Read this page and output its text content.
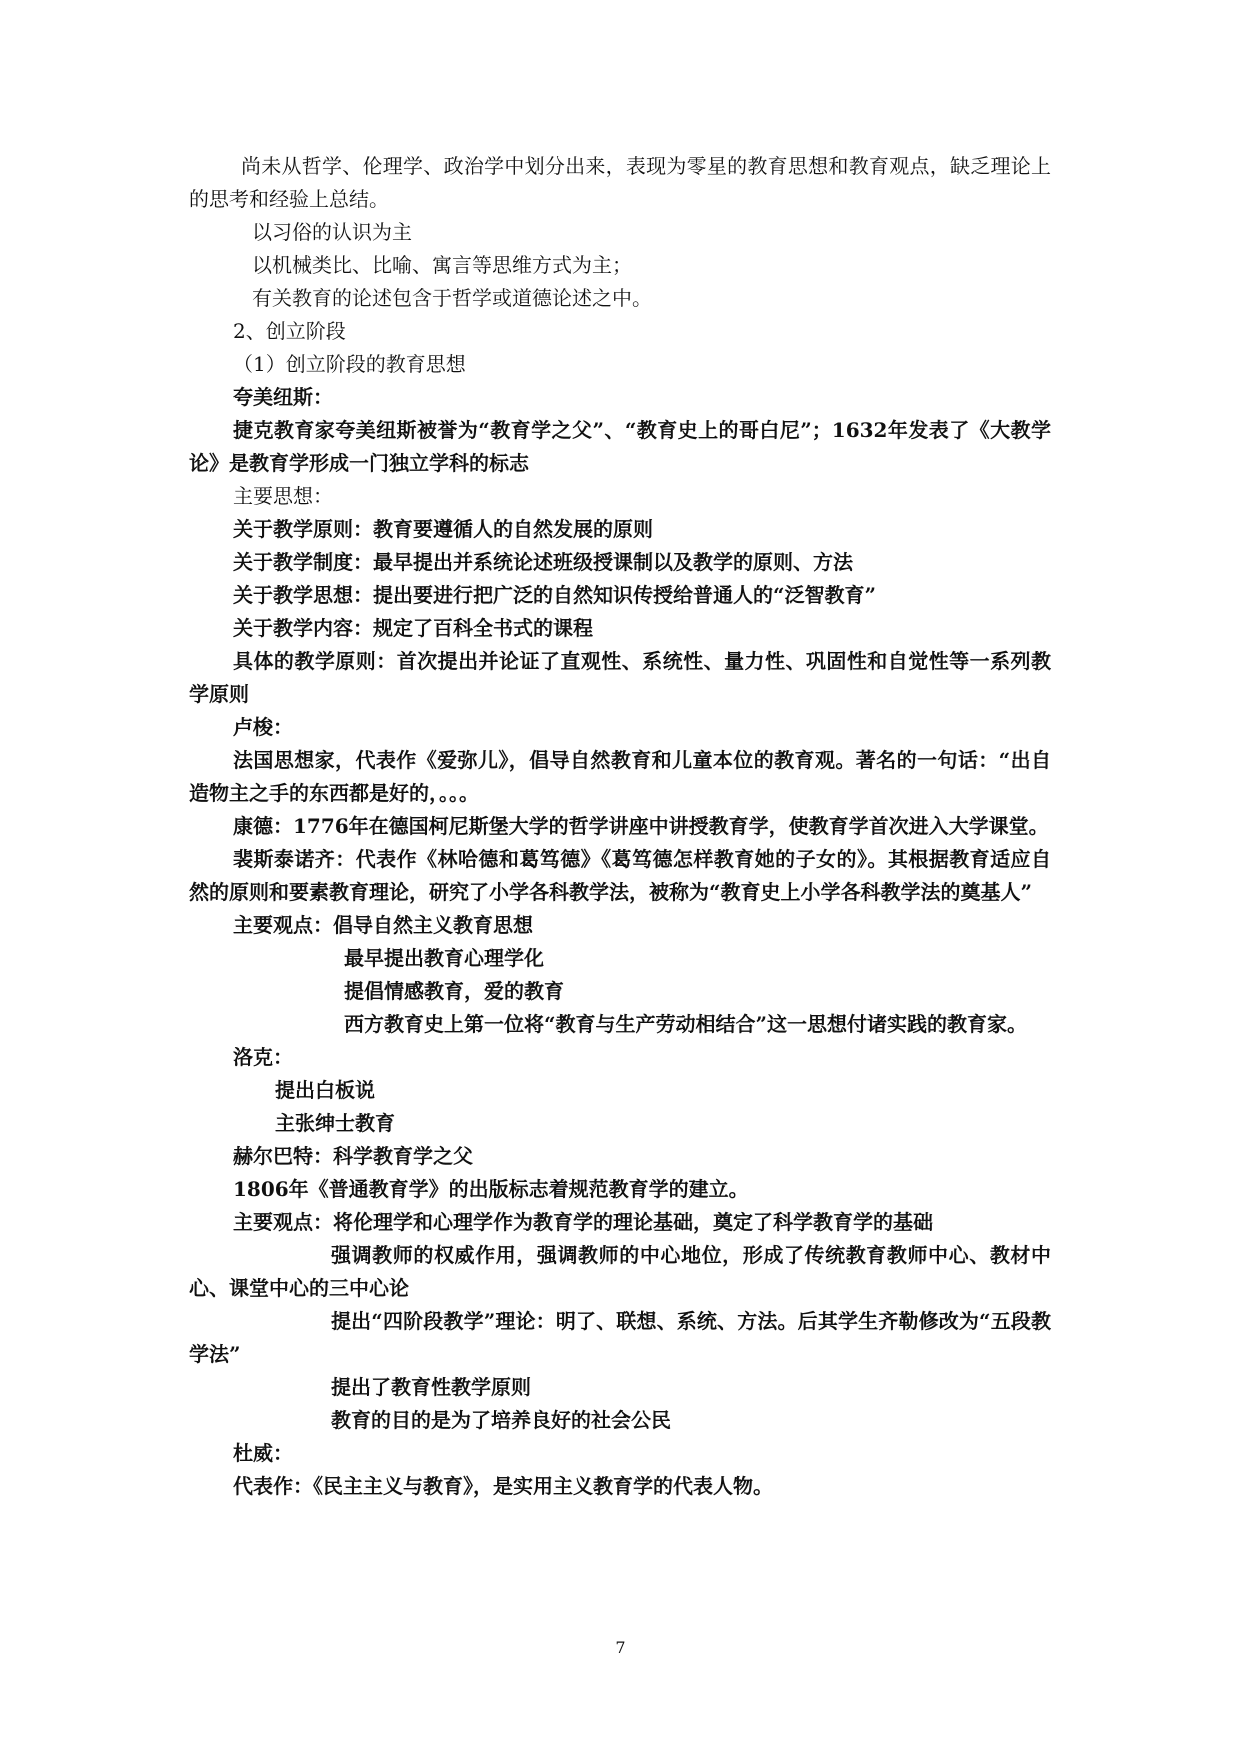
尚未从哲学、伦理学、政治学中划分出来，表现为零星的教育思想和教育观点，缺乏理论上的思考和经验上总结。

以习俗的认识为主

以机械类比、比喻、寓言等思维方式为主；

有关教育的论述包含于哲学或道德论述之中。

2、创立阶段

（1）创立阶段的教育思想

夸美纽斯：

捷克教育家夸美纽斯被誉为“教育学之父”、“教育史上的哥白尼”；1632年发表了《大教学论》是教育学形成一门独立学科的标志

主要思想：

关于教学原则：教育要遵循人的自然发展的原则

关于教学制度：最早提出并系统论述班级授课制以及教学的原则、方法

关于教学思想：提出要进行把广泛的自然知识传授给普通人的“泛智教育”

关于教学内容：规定了百科全书式的课程

具体的教学原则：首次提出并论证了直观性、系统性、量力性、巩固性和自觉性等一系列教学原则

卢梭：

法国思想家，代表作《爱弥儿》，倡导自然教育和儿童本位的教育观。著名的一句话：“出自造物主之手的东西都是好的，。。。

康德：1776年在德国柯尼斯堡大学的哲学讲座中讲授教育学，使教育学首次进入大学课堂。

裴斯泰诺齐：代表作《林哈德和葛笃德》《葛笃德怎样教育她的子女的》。其根据教育适应自然的原则和要素教育理论，研究了小学各科教学法，被称为“教育史上小学各科教学法的奠基人”

主要观点：倡导自然主义教育思想

最早提出教育心理学化

提倡情感教育，爱的教育

西方教育史上第一位将“教育与生产劳动相结合”这一思想付诸实践的教育家。

洛克：

提出白板说

主张绅士教育

赫尔巴特：科学教育学之父

1806年《普通教育学》的出版标志着规范教育学的建立。

主要观点：将伦理学和心理学作为教育学的理论基础，奠定了科学教育学的基础

强调教师的权威作用，强调教师的中心地位，形成了传统教育教师中心、教材中心、课堂中心的三中心论

提出“四阶段教学”理论：明了、联想、系统、方法。后其学生齐勒修改为“五段教学法”

提出了教育性教学原则

教育的目的是为了培养良好的社会公民

杜威：

代表作：《民主主义与教育》，是实用主义教育学的代表人物。

7
